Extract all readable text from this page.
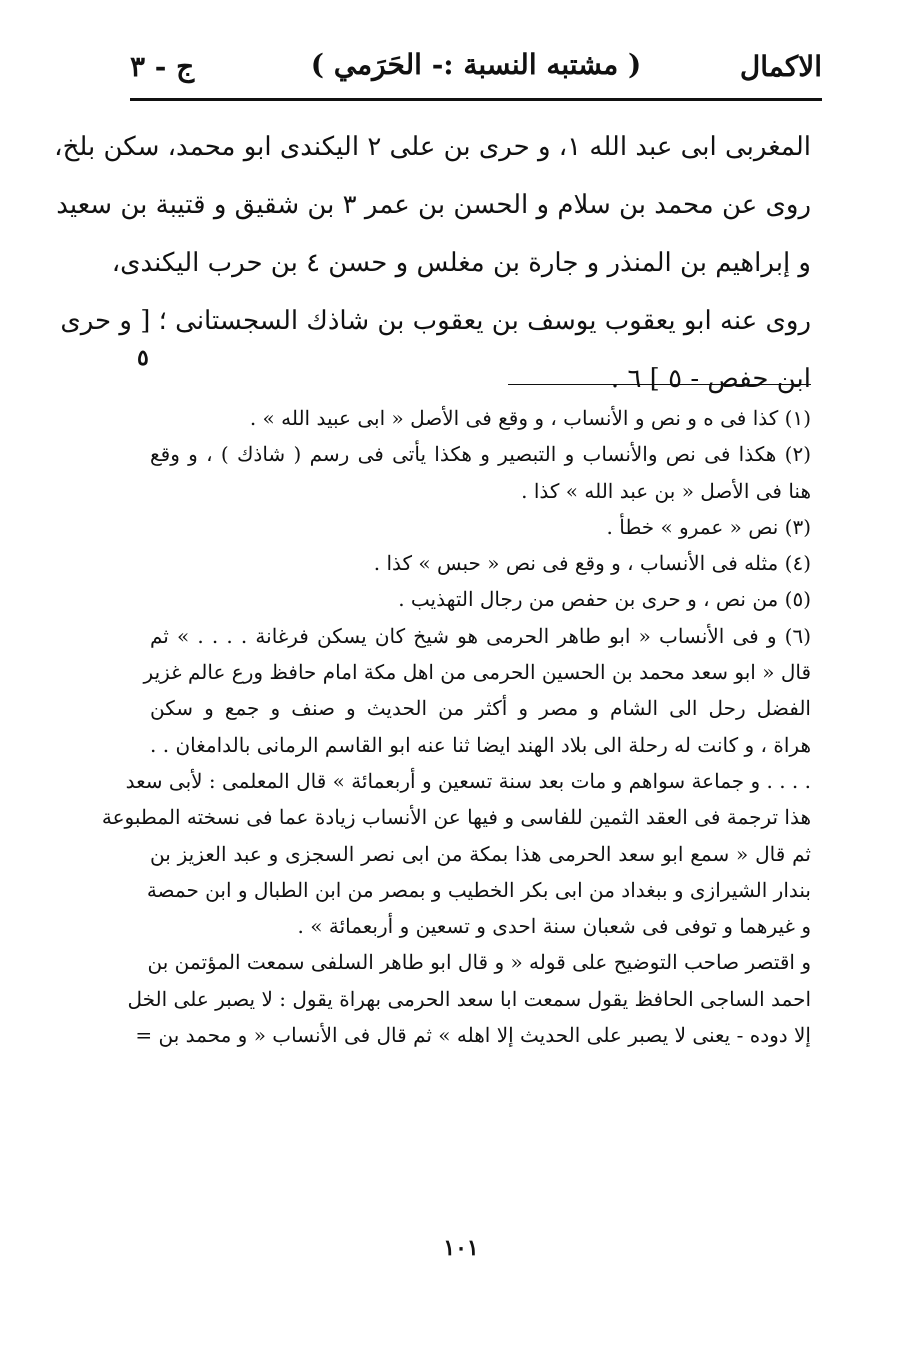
الاكمال
( مشتبه النسبة :- الحَرَمي )
ج - ٣
المغربى ابى عبد الله ١، و حرى بن على ٢ اليكندى ابو محمد، سكن بلخ،
روى عن محمد بن سلام و الحسن بن عمر ٣ بن شقيق و قتيبة بن سعيد
و إبراهيم بن المنذر و جارة بن مغلس و حسن ٤ بن حرب اليكندى،
روى عنه ابو يعقوب يوسف بن يعقوب بن شاذك السجستانى ؛ [ و حرى
ابن حفص - ٥ ] ٦ .
٥
(١) كذا فى ه و نص و الأنساب ، و وقع فى الأصل « ابى عبيد الله » .
(٢) هكذا فى نص والأنساب و التبصير و هكذا يأتى فى رسم ( شاذك ) ، و وقع
هنا فى الأصل « بن عبد الله » كذا .
(٣) نص « عمرو » خطأ .
(٤) مثله فى الأنساب ، و وقع فى نص « حبس » كذا .
(٥) من نص ، و حرى بن حفص من رجال التهذيب .
(٦) و فى الأنساب « ابو طاهر الحرمى هو شيخ كان يسكن فرغانة . . . . » ثم
قال « ابو سعد محمد بن الحسين الحرمى من اهل مكة امام حافظ ورع عالم غزير
الفضل رحل الى الشام و مصر و أكثر من الحديث و صنف و جمع و سكن
هراة ، و كانت له رحلة الى بلاد الهند ايضا ثنا عنه ابو القاسم الرمانى بالدامغان . .
. . . . و جماعة سواهم و مات بعد سنة تسعين و أربعمائة » قال المعلمى : لأبى سعد
هذا ترجمة فى العقد الثمين للفاسى و فيها عن الأنساب زيادة عما فى نسخته المطبوعة
ثم قال « سمع ابو سعد الحرمى هذا بمكة من ابى نصر السجزى و عبد العزيز بن
بندار الشيرازى و ببغداد من ابى بكر الخطيب و بمصر من ابن الطبال و ابن حمصة
و غيرهما و توفى فى شعبان سنة احدى و تسعين و أربعمائة » .
و اقتصر صاحب التوضيح على قوله « و قال ابو طاهر السلفى سمعت المؤتمن بن
احمد الساجى الحافظ يقول سمعت ابا سعد الحرمى بهراة يقول : لا يصبر على الخل
إلا دوده - يعنى لا يصبر على الحديث إلا اهله » ثم قال فى الأنساب « و محمد بن =
١٠١
